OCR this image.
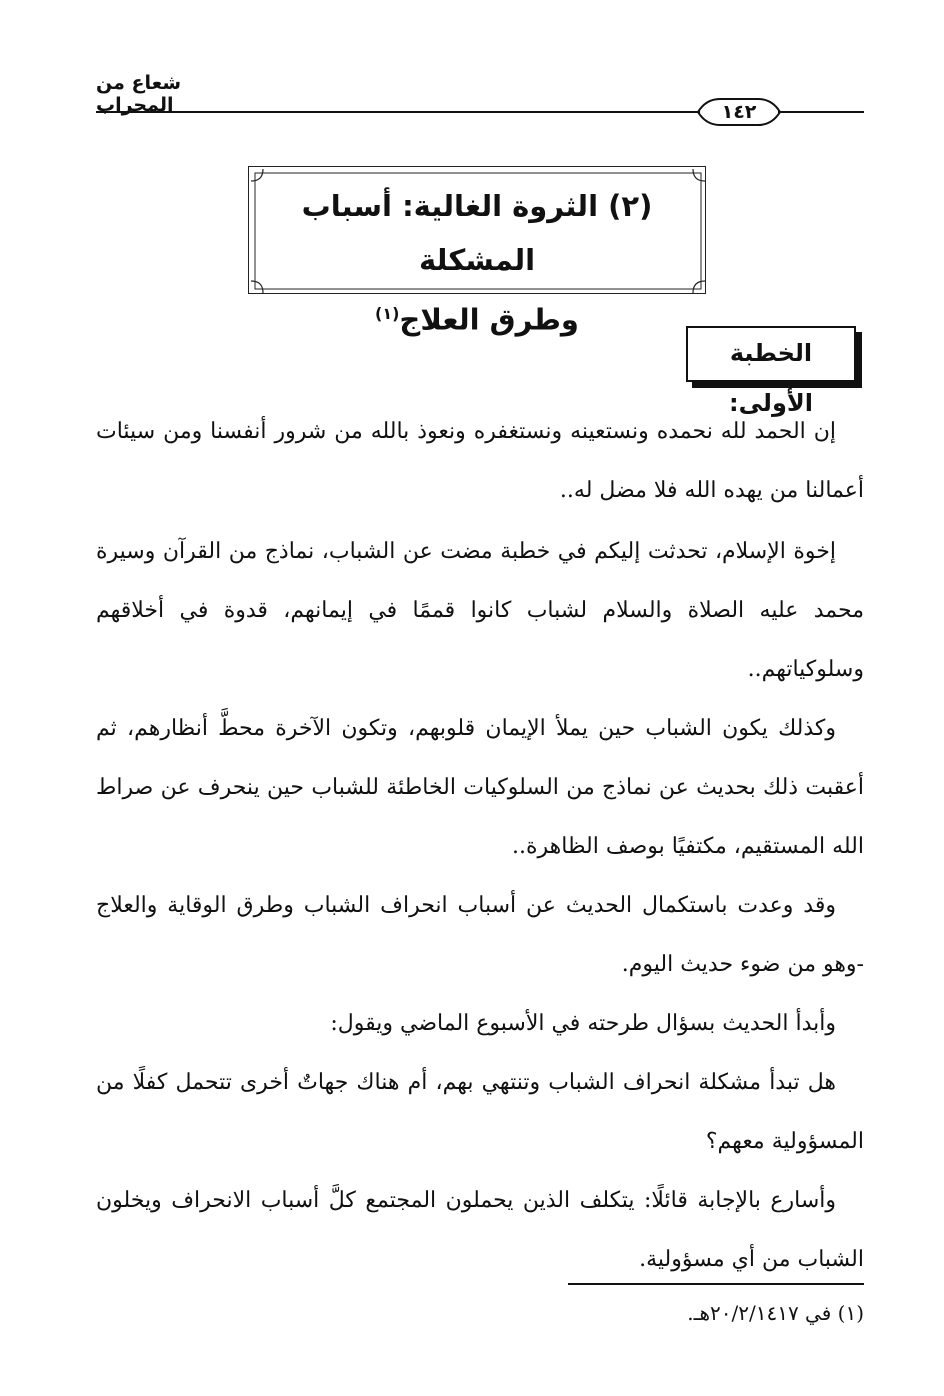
شعاع من المحراب	١٤٢
(٢) الثروة الغالية: أسباب المشكلة
وطرق العلاج$^{(١)}$
الخطبة الأولى:

إن الحمد لله نحمده ونستعينه ونستغفره ونعوذ بالله من شرور أنفسنا ومن سيئات أعمالنا من يهده الله فلا مضل له..

إخوة الإسلام، تحدثت إليكم في خطبة مضت عن الشباب، نماذج من القرآن وسيرة محمد عليه الصلاة والسلام لشباب كانوا قممًا في إيمانهم، قدوة في أخلاقهم وسلوكياتهم..

وكذلك يكون الشباب حين يملأ الإيمان قلوبهم، وتكون الآخرة محطَّ أنظارهم، ثم أعقبت ذلك بحديث عن نماذج من السلوكيات الخاطئة للشباب حين ينحرف عن صراط الله المستقيم، مكتفيًا بوصف الظاهرة..

وقد وعدت باستكمال الحديث عن أسباب انحراف الشباب وطرق الوقاية والعلاج -وهو من ضوء حديث اليوم.

وأبدأ الحديث بسؤال طرحته في الأسبوع الماضي ويقول:

هل تبدأ مشكلة انحراف الشباب وتنتهي بهم، أم هناك جهاتٌ أخرى تتحمل كفلًا من المسؤولية معهم؟

وأسارع بالإجابة قائلًا: يتكلف الذين يحملون المجتمع كلَّ أسباب الانحراف ويخلون الشباب من أي مسؤولية.

(١) في ٢٠/٢/١٤١٧هـ.
